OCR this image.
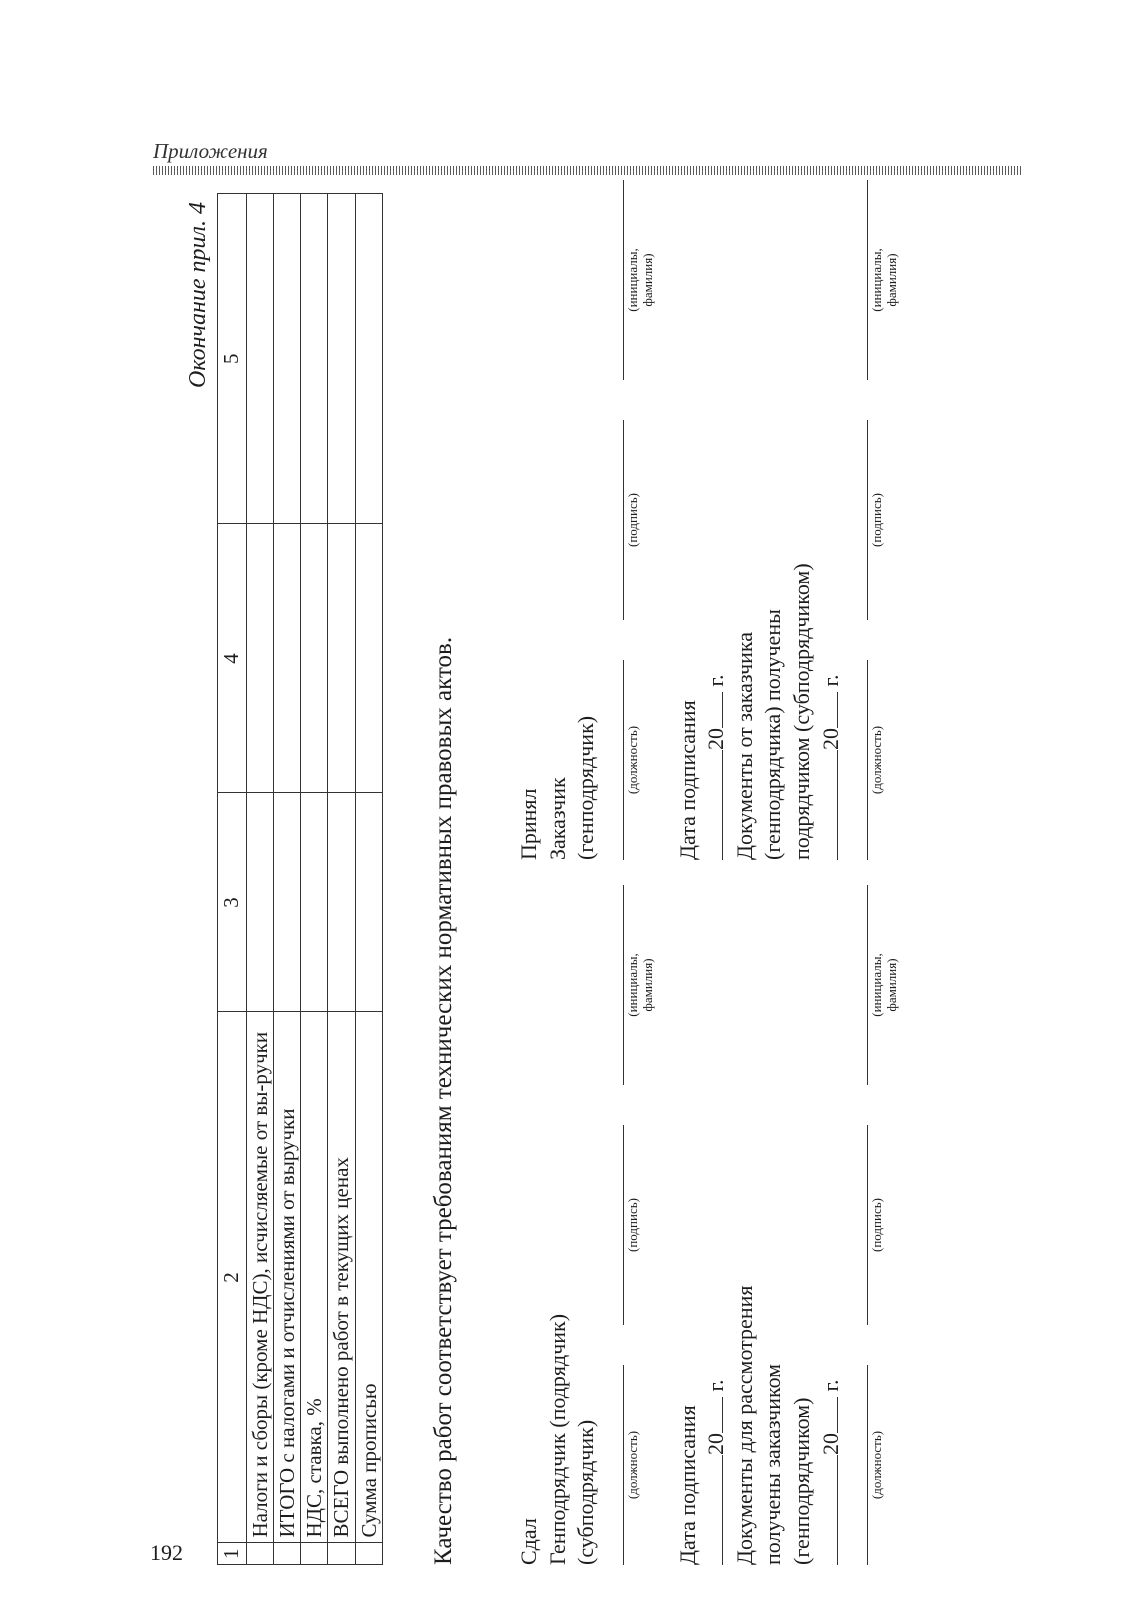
Приложения
192
Окончание прил. 4
1	2	3	4	5
	Налоги и сборы (кроме НДС), исчисляемые от вы-ручки			
	ИТОГО с налогами и отчислениями от выручки			
	НДС, ставка, %			
	ВСЕГО выполнено работ в текущих ценах			
	Сумма прописью			Качество работ соответствует требованиям технических нормативных правовых актов.	Сдал Генподрядчик (подрядчик) (субподрядчик) (должность)
(подпись)
(инициалы, фамилия)
Дата подписания 20 г. Документы для рассмотрения получены заказчиком (генподрядчиком) 20 г.
(должность)
(подпись)
(инициалы, фамилия)
Принял Заказчик (генподрядчик) (должность)
(подпись)
(инициалы, фамилия)
Дата подписания 20 г. Документы от заказчика (генподрядчика) получены подрядчиком (субподрядчиком) 20 г.
(должность)
(подпись)
(инициалы, фамилия)
